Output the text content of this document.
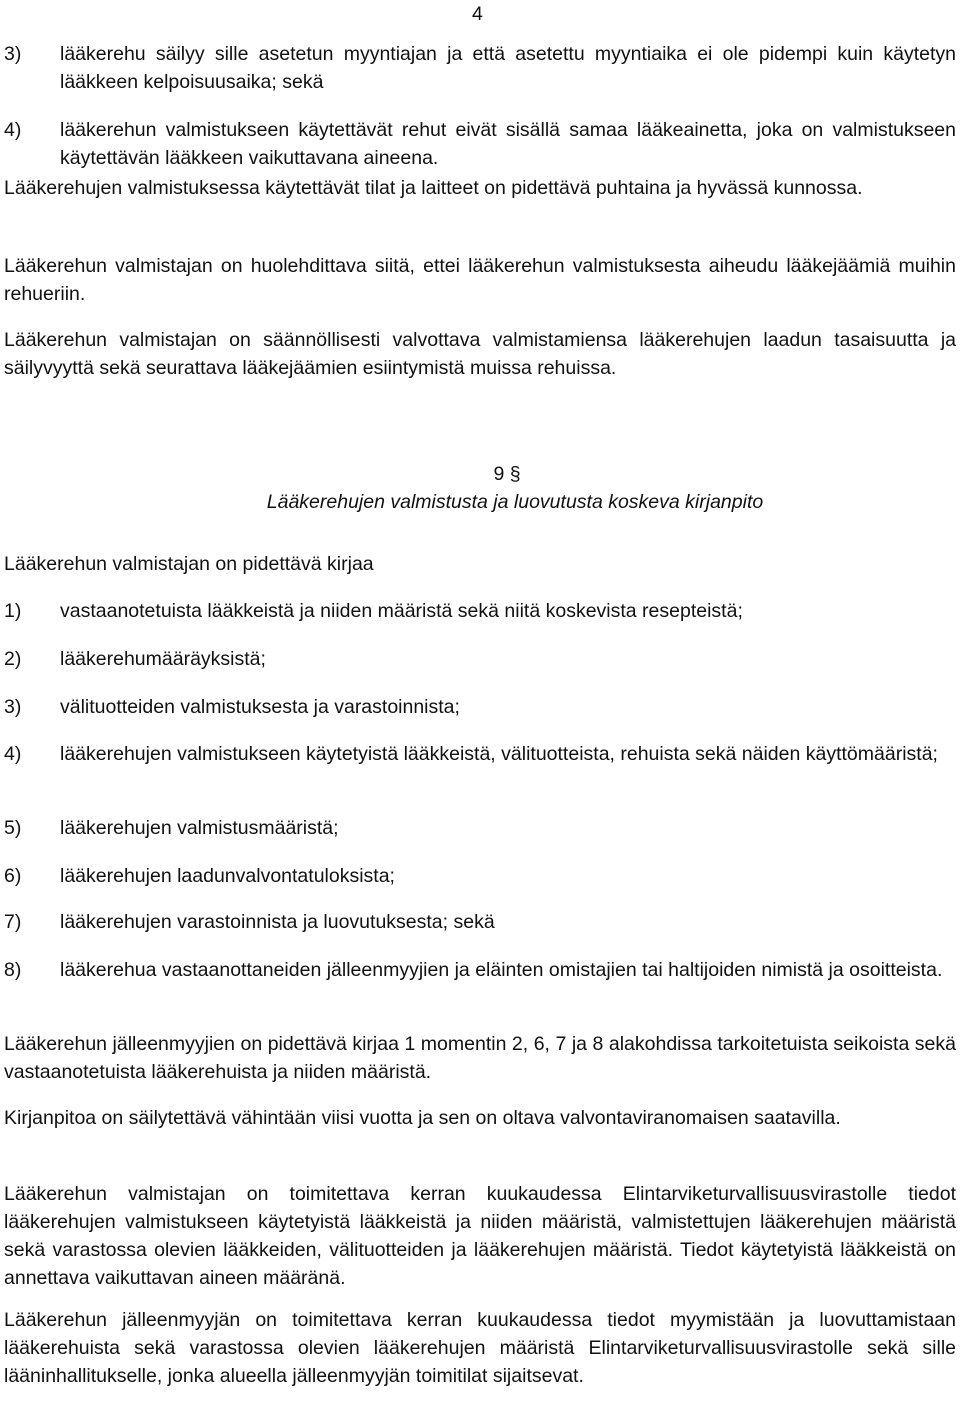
4
3) lääkerehu säilyy sille asetetun myyntiajan ja että asetettu myyntiaika ei ole pidempi kuin käytetyn lääkkeen kelpoisuusaika; sekä
4) lääkerehun valmistukseen käytettävät rehut eivät sisällä samaa lääkeainetta, joka on valmistukseen käytettävän lääkkeen vaikuttavana aineena.

Lääkerehujen valmistuksessa käytettävät tilat ja laitteet on pidettävä puhtaina ja hyvässä kunnossa.

Lääkerehun valmistajan on huolehdittava siitä, ettei lääkerehun valmistuksesta aiheudu lääkejäämiä muihin rehueriin.

Lääkerehun valmistajan on säännöllisesti valvottava valmistamiensa lääkerehujen laadun tasaisuutta ja säilyvyyttä sekä seurattava lääkejäämien esiintymistä muissa rehuissa.

9 §
Lääkerehujen valmistusta ja luovutusta koskeva kirjanpito

Lääkerehun valmistajan on pidettävä kirjaa

1) vastaanotetuista lääkkeistä ja niiden määristä sekä niitä koskevista resepteistä;
2) lääkerehumääräyksistä;
3) välituotteiden valmistuksesta ja varastoinnista;
4) lääkerehujen valmistukseen käytetyistä lääkkeistä, välituotteista, rehuista sekä näiden käyttömääristä;
5) lääkerehujen valmistusmääristä;
6) lääkerehujen laadunvalvontatuloksista;
7) lääkerehujen varastoinnista ja luovutuksesta; sekä
8) lääkerehua vastaanottaneiden jälleenmyyjien ja eläinten omistajien tai haltijoiden nimistä ja osoitteista.

Lääkerehun jälleenmyyjien on pidettävä kirjaa 1 momentin 2, 6, 7 ja 8 alakohdissa tarkoitetuista seikoista sekä vastaanotetuista lääkerehuista ja niiden määristä.

Kirjanpitoa on säilytettävä vähintään viisi vuotta ja sen on oltava valvontaviranomaisen saatavilla.

Lääkerehun valmistajan on toimitettava kerran kuukaudessa Elintarviketurvallisuusvirastolle tiedot lääkerehujen valmistukseen käytetyistä lääkkeistä ja niiden määristä, valmistettujen lääkerehujen määristä sekä varastossa olevien lääkkeiden, välituotteiden ja lääkerehujen määristä. Tiedot käytetyistä lääkkeistä on annettava vaikuttavan aineen määränä.

Lääkerehun jälleenmyyjän on toimitettava kerran kuukaudessa tiedot myymistään ja luovuttamistaan lääkerehuista sekä varastossa olevien lääkerehujen määristä Elintarviketurvallisuusvirastolle sekä sille lääninhallitukselle, jonka alueella jälleenmyyjän toimitilat sijaitsevat.
